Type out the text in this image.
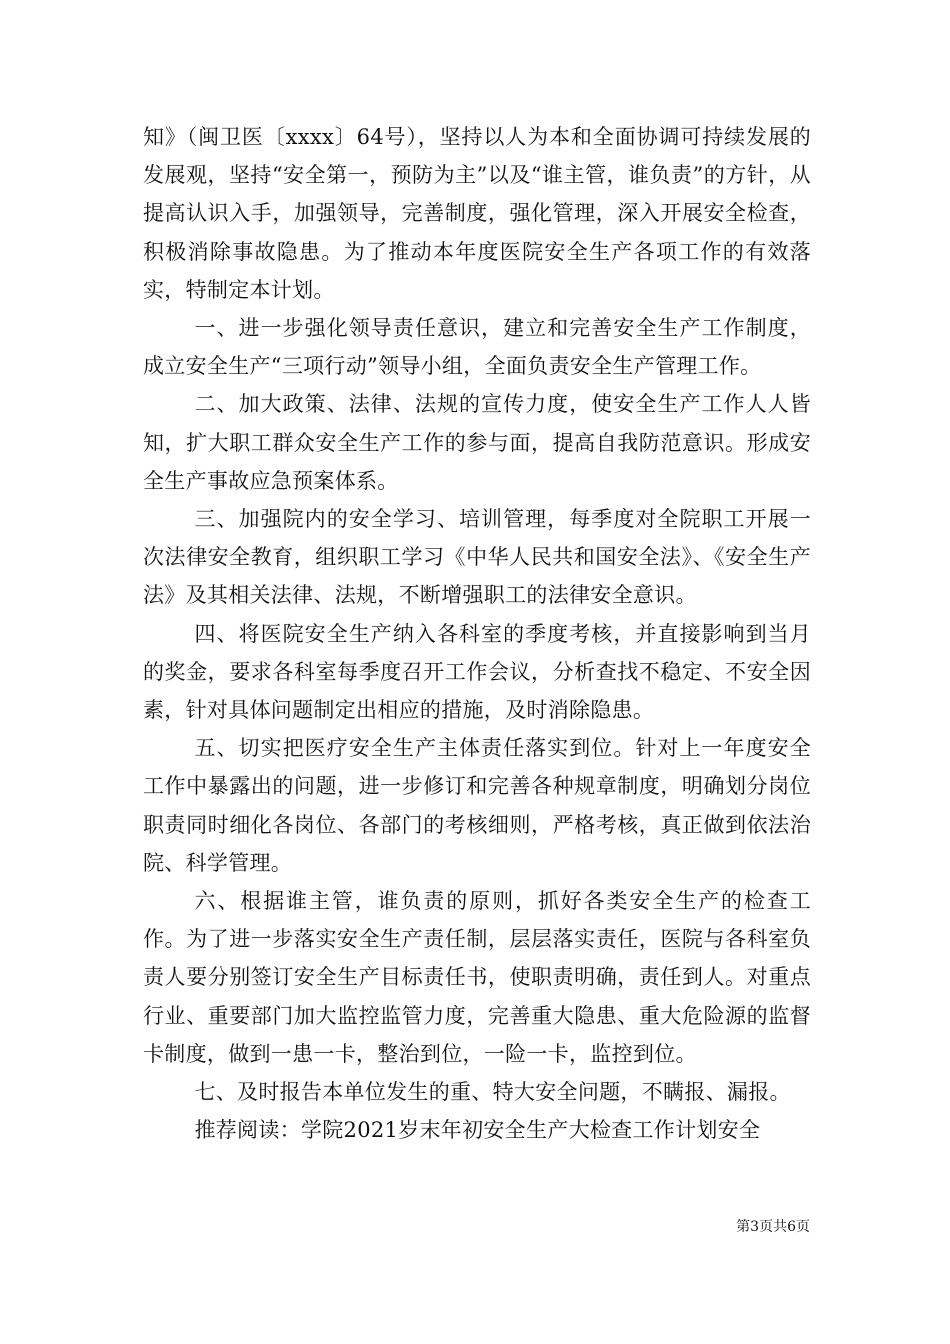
知》（闽卫医〔xxxx〕64号），坚持以人为本和全面协调可持续发展的发展观，坚持“安全第一，预防为主”以及“谁主管，谁负责”的方针，从提高认识入手，加强领导，完善制度，强化管理，深入开展安全检查，积极消除事故隐患。为了推动本年度医院安全生产各项工作的有效落实，特制定本计划。

一、进一步强化领导责任意识，建立和完善安全生产工作制度，成立安全生产“三项行动”领导小组，全面负责安全生产管理工作。

二、加大政策、法律、法规的宣传力度，使安全生产工作人人皆知，扩大职工群众安全生产工作的参与面，提高自我防范意识。形成安全生产事故应急预案体系。

三、加强院内的安全学习、培训管理，每季度对全院职工开展一次法律安全教育，组织职工学习《中华人民共和国安全法》、《安全生产法》及其相关法律、法规，不断增强职工的法律安全意识。

四、将医院安全生产纳入各科室的季度考核，并直接影响到当月的奖金，要求各科室每季度召开工作会议，分析查找不稳定、不安全因素，针对具体问题制定出相应的措施，及时消除隐患。

五、切实把医疗安全生产主体责任落实到位。针对上一年度安全工作中暴露出的问题，进一步修订和完善各种规章制度，明确划分岗位职责同时细化各岗位、各部门的考核细则，严格考核，真正做到依法治院、科学管理。

六、根据谁主管，谁负责的原则，抓好各类安全生产的检查工作。为了进一步落实安全生产责任制，层层落实责任，医院与各科室负责人要分别签订安全生产目标责任书，使职责明确，责任到人。对重点行业、重要部门加大监控监管力度，完善重大隐患、重大危险源的监督卡制度，做到一患一卡，整治到位，一险一卡，监控到位。

七、及时报告本单位发生的重、特大安全问题，不瞒报、漏报。

推荐阅读：学院2021岁末年初安全生产大检查工作计划安全

第3页共6页
